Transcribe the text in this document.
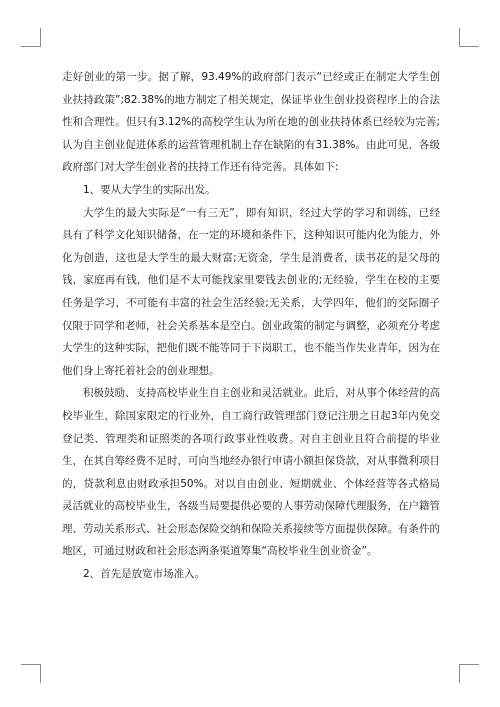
走好创业的第一步。据了解，93.49%的政府部门表示“已经或正在制定大学生创业扶持政策”;82.38%的地方制定了相关规定，保证毕业生创业投资程序上的合法性和合理性。但只有3.12%的高校学生认为所在地的创业扶持体系已经较为完善;认为自主创业促进体系的运营管理机制上存在缺陷的有31.38%。由此可见，各级政府部门对大学生创业者的扶持工作还有待完善。具体如下:

1、要从大学生的实际出发。

大学生的最大实际是“一有三无”，即有知识，经过大学的学习和训练，已经具有了科学文化知识储备，在一定的环境和条件下，这种知识可能内化为能力，外化为创造，这也是大学生的最大财富;无资金，学生是消费者，读书花的是父母的钱，家庭再有钱，他们是不太可能找家里要钱去创业的;无经验，学生在校的主要任务是学习，不可能有丰富的社会生活经验;无关系，大学四年，他们的交际圈子仅限于同学和老师，社会关系基本是空白。创业政策的制定与调整，必须充分考虑大学生的这种实际，把他们既不能等同于下岗职工，也不能当作失业青年，因为在他们身上寄托着社会的创业理想。

积极鼓励、支持高校毕业生自主创业和灵活就业。此后，对从事个体经营的高校毕业生，除国家限定的行业外，自工商行政管理部门登记注册之日起3年内免交登记类、管理类和证照类的各项行政事业性收费。对自主创业且符合前提的毕业生，在其自筹经费不足时，可向当地经办银行申请小额担保贷款，对从事微利项目的，贷款利息由财政承担50%。对以自由创业、短期就业、个体经营等各式格局灵活就业的高校毕业生，各级当局要提供必要的人事劳动保障代理服务，在户籍管理、劳动关系形式、社会形态保险交纳和保险关系接续等方面提供保障。有条件的地区，可通过财政和社会形态两条渠道筹集“高校毕业生创业资金”。

2、首先是放宽市场准入。
